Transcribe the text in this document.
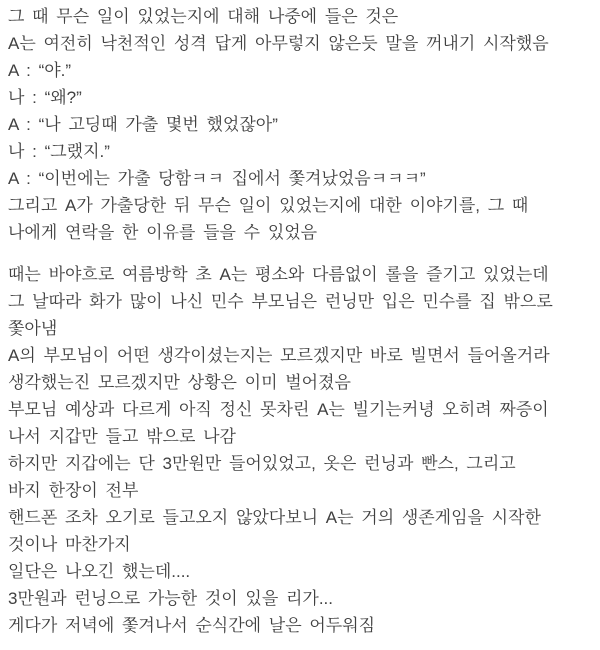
그 때 무슨 일이 있었는지에 대해 나중에 들은 것은
A는 여전히 낙천적인 성격 답게 아무렇지 않은듯 말을 꺼내기 시작했음
A : “야.”
나 : “왜?”
A : “나 고딩때 가출 몇번 했었잖아”
나 : “그랬지.”
A : “이번에는 가출 당함ㅋㅋ 집에서 쫓겨났었음ㅋㅋㅋ”
그리고 A가 가출당한 뒤 무슨 일이 있었는지에 대한 이야기를, 그 때
나에게 연락을 한 이유를 들을 수 있었음
때는 바야흐로 여름방학 초 A는 평소와 다름없이 롤을 즐기고 있었는데
그 날따라 화가 많이 나신 민수 부모님은 런닝만 입은 민수를 집 밖으로
쫓아냄
A의 부모님이 어떤 생각이셨는지는 모르겠지만 바로 빌면서 들어올거라
생각했는진 모르겠지만 상황은 이미 벌어졌음
부모님 예상과 다르게 아직 정신 못차린 A는 빌기는커녕 오히려 짜증이
나서 지갑만 들고 밖으로 나감
하지만 지갑에는 단 3만원만 들어있었고, 옷은 런닝과 빤스, 그리고
바지 한장이 전부
핸드폰 조차 오기로 들고오지 않았다보니 A는 거의 생존게임을 시작한
것이나 마찬가지
일단은 나오긴 했는데....
3만원과 런닝으로 가능한 것이 있을 리가...
게다가 저녁에 쫓겨나서 순식간에 날은 어두워짐
